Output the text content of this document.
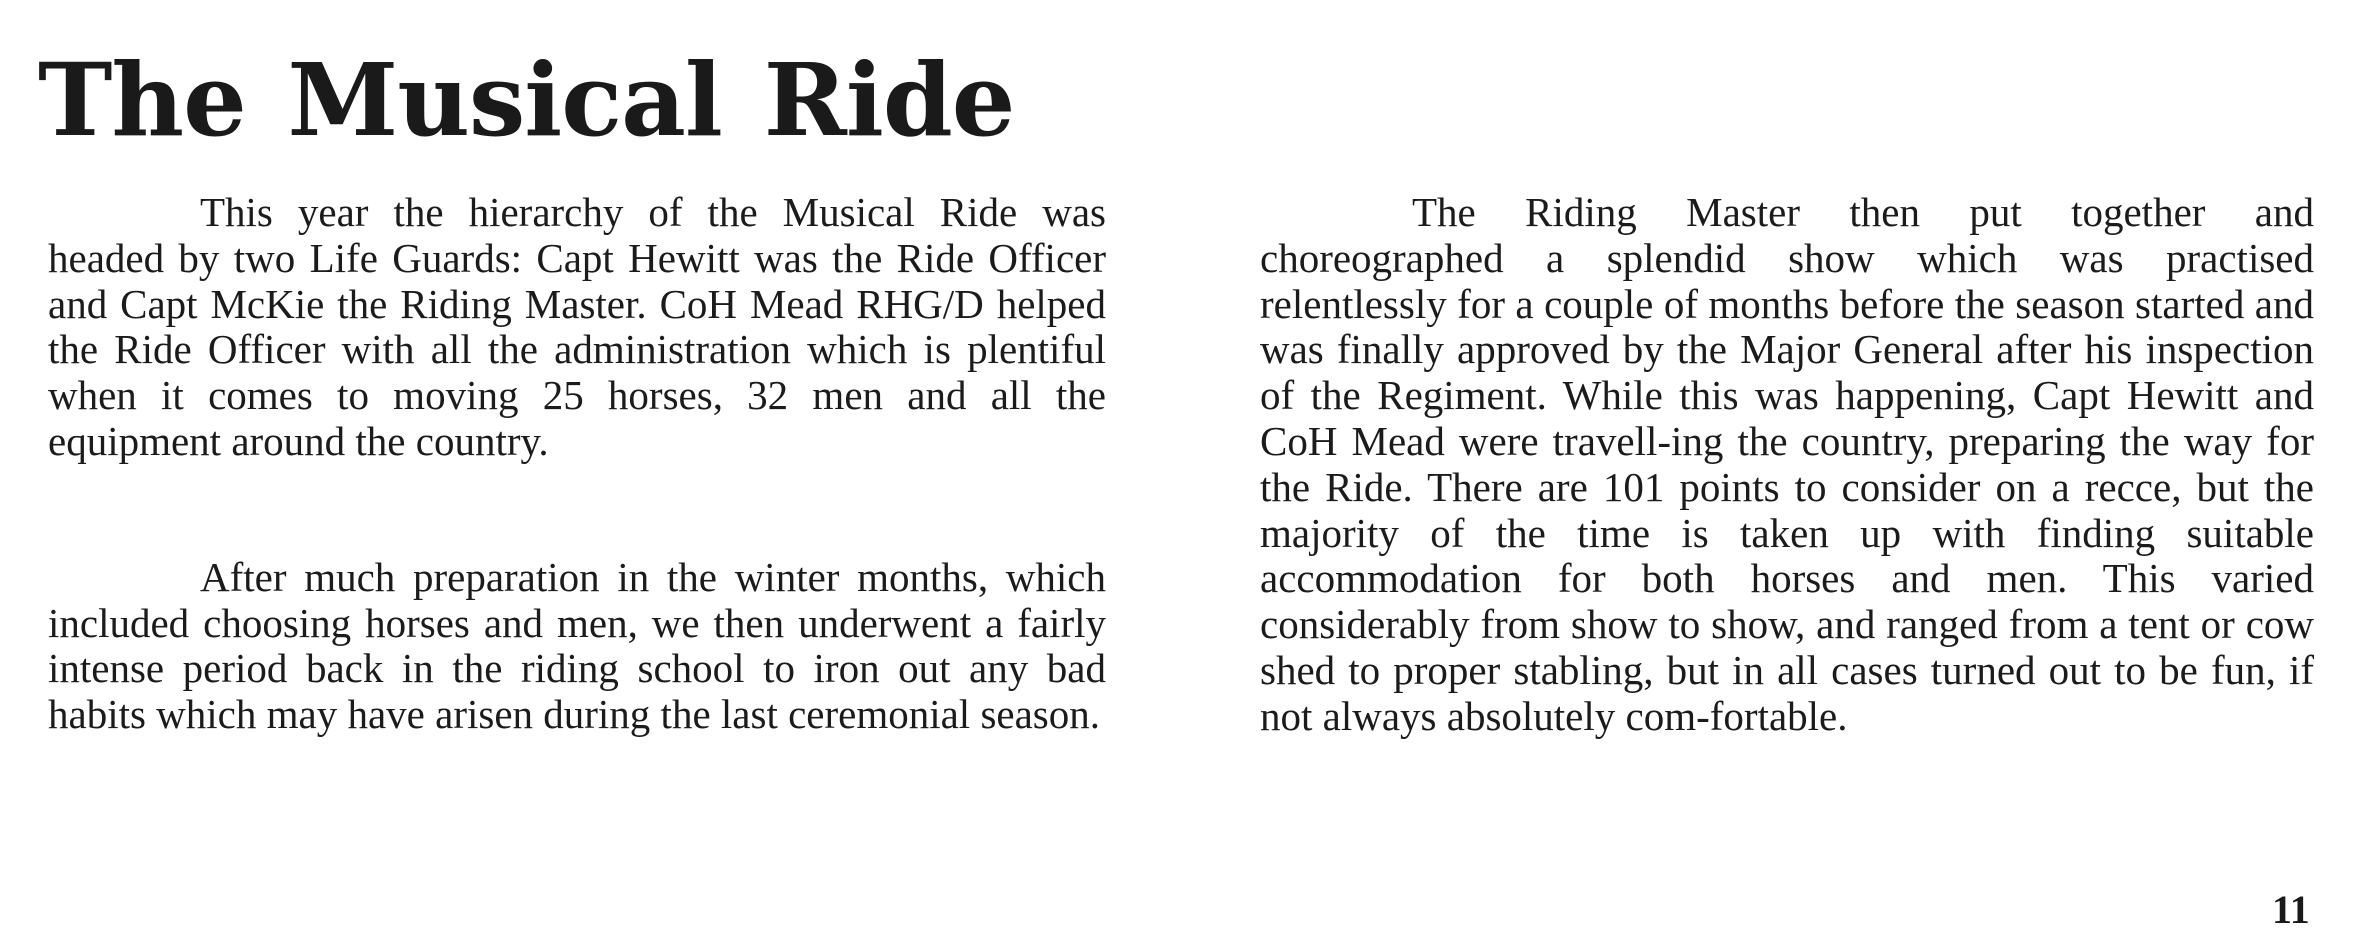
The Musical Ride

This year the hierarchy of the Musical Ride was headed by two Life Guards: Capt Hewitt was the Ride Officer and Capt McKie the Riding Master. CoH Mead RHG/D helped the Ride Officer with all the administration which is plentiful when it comes to moving 25 horses, 32 men and all the equipment around the country.

After much preparation in the winter months, which included choosing horses and men, we then underwent a fairly intense period back in the riding school to iron out any bad habits which may have arisen during the last ceremonial season.

The Riding Master then put together and choreographed a splendid show which was practised relentlessly for a couple of months before the season started and was finally approved by the Major General after his inspection of the Regiment. While this was happening, Capt Hewitt and CoH Mead were travell-ing the country, preparing the way for the Ride. There are 101 points to consider on a recce, but the majority of the time is taken up with finding suitable accommodation for both horses and men. This varied considerably from show to show, and ranged from a tent or cow shed to proper stabling, but in all cases turned out to be fun, if not always absolutely com-fortable.

11
